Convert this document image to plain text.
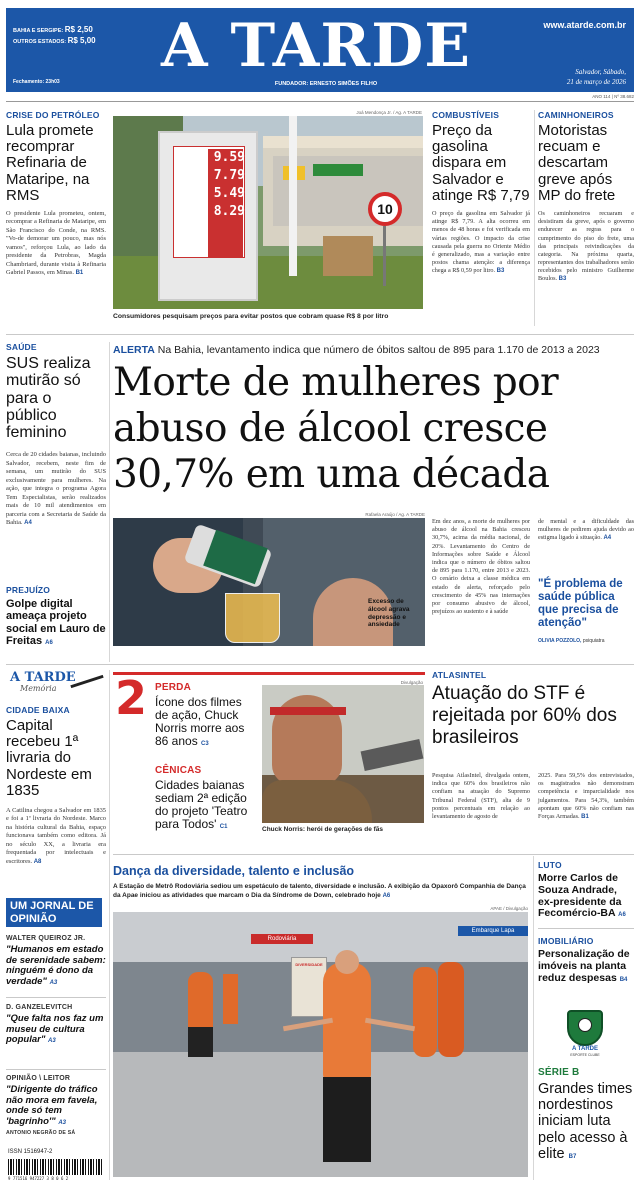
BAHIA E SERGIPE: R$ 2,50
OUTROS ESTADOS: R$ 5,00
Fechamento: 23h03
A TARDE
FUNDADOR: ERNESTO SIMÕES FILHO
www.atarde.com.br
Salvador, Sábado,
21 de março de 2026
ANO 114 | Nº 38.682
CRISE DO PETRÓLEO
Lula promete recomprar Refinaria de Mataripe, na RMS
O presidente Lula prometeu, ontem, recomprar a Refinaria de Mataripe, em São Francisco do Conde, na RMS. "Vo-de demorar um pouco, mas nós vamos", reforçou Lula, ao lado da presidente da Petrobras, Magda Chambriard, durante visita à Refinaria Gabriel Passos, em Minas. B1
Joá Mendonça Jr. / Ag. A TARDE
9.59
7.79
5.49
8.29	10
Consumidores pesquisam preços para evitar postos que cobram quase R$ 8 por litro
COMBUSTÍVEIS
Preço da gasolina dispara em Salvador e atinge R$ 7,79
O preço da gasolina em Salvador já atinge R$ 7,79. A alta ocorreu em menos de 48 horas e foi verificada em várias regiões. O impacto da crise causada pela guerra no Oriente Médio é generalizado, mas a variação entre postos chama atenção: a diferença chega a R$ 0,59 por litro. B3
CAMINHONEIROS
Motoristas recuam e descartam greve após MP do frete
Os caminhoneiros recuaram e desistiram da greve, após o governo endurecer as regras para o cumprimento do piso do frete, uma das principais reivindicações da categoria. Na próxima quarta, representantes dos trabalhadores serão recebidos pelo ministro Guilherme Boulos. B3
SAÚDE
SUS realiza mutirão só para o público feminino
Cerca de 20 cidades baianas, incluindo Salvador, recebem, neste fim de semana, um mutirão do SUS exclusivamente para mulheres. Na ação, que integra o programa Agora Tem Especialistas, serão realizados mais de 10 mil atendimentos em parceria com a Secretaria de Saúde da Bahia. A4
ALERTA Na Bahia, levantamento indica que número de óbitos saltou de 895 para 1.170 de 2013 a 2023
Morte de mulheres por abuso de álcool cresce 30,7% em uma década
Rafaela Araújo / Ag. A TARDE
Excesso de álcool agrava depressão e ansiedade
Em dez anos, a morte de mulheres por abuso de álcool na Bahia cresceu 30,7%, acima da média nacional, de 20%. Levantamento do Centro de Informações sobre Saúde e Álcool indica que o número de óbitos saltou de 895 para 1.170, entre 2013 e 2023. O cenário deixa a classe médica em estado de alerta, reforçado pelo crescimento de 45% nas internações por consumo abusivo de álcool, prejuízos ao sustento e à saúde
de mental e a dificuldade das mulheres de pedirem ajuda devido ao estigma ligado à situação. A4
"É problema de saúde pública que precisa de atenção"
OLIVIA POZZOLO, psiquiatra
PREJUÍZO
Golpe digital ameaça projeto social em Lauro de Freitas A6
A TARDE
Memória
CIDADE BAIXA
Capital recebeu 1ª livraria do Nordeste em 1835
A Catilina chegou a Salvador em 1835 e foi a 1ª livraria do Nordeste. Marco na história cultural da Bahia, espaço funcionava também como editora. Já no século XX, a livraria era frequentada por intelectuais e escritores. A8
2 PERDA
Ícone dos filmes de ação, Chuck Norris morre aos 86 anos C3
CÊNICAS
Cidades baianas sediam 2ª edição do projeto 'Teatro para Todos' C1
Divulgação
Chuck Norris: herói de gerações de fãs
ATLASINTEL
Atuação do STF é rejeitada por 60% dos brasileiros
Pesquisa AtlasIntel, divulgada ontem, indica que 60% dos brasileiros não confiam na atuação do Supremo Tribunal Federal (STF), alta de 9 pontos percentuais em relação ao levantamento de agosto de
2025. Para 59,5% dos entrevistados, os magistrados não demonstram competência e imparcialidade nos julgamentos. Para 54,3%, também apontam que 60% não confiam nas Forças Armadas. B1
Dança da diversidade, talento e inclusão
A Estação de Metrô Rodoviária sediou um espetáculo de talento, diversidade e inclusão. A exibição da Opaxorô Companhia de Dança da Apae iniciou as atividades que marcam o Dia da Síndrome de Down, celebrado hoje A6
APAE / Divulgação
Rodoviária
Embarque Lapa
DIVERSIDADE
UM JORNAL DE OPINIÃO
WALTER QUEIROZ JR.
"Humanos em estado de serenidade sabem: ninguém é dono da verdade" A3
D. GANZELEVITCH
"Que falta nos faz um museu de cultura popular" A3
OPINIÃO \ LEITOR
"Dirigente do tráfico não mora em favela, onde só tem 'bagrinho'" A3
ANTONIO NEGRÃO DE SÁ
ISSN 1516947-2
9 771516 947227 3 8 0 6 2
LUTO
Morre Carlos de Souza Andrade, ex-presidente da Fecomércio-BA A6
IMOBILIÁRIO
Personalização de imóveis na planta reduz despesas B4
A TARDE
ESPORTE CLUBE
SÉRIE B
Grandes times nordestinos iniciam luta pelo acesso à elite B7
